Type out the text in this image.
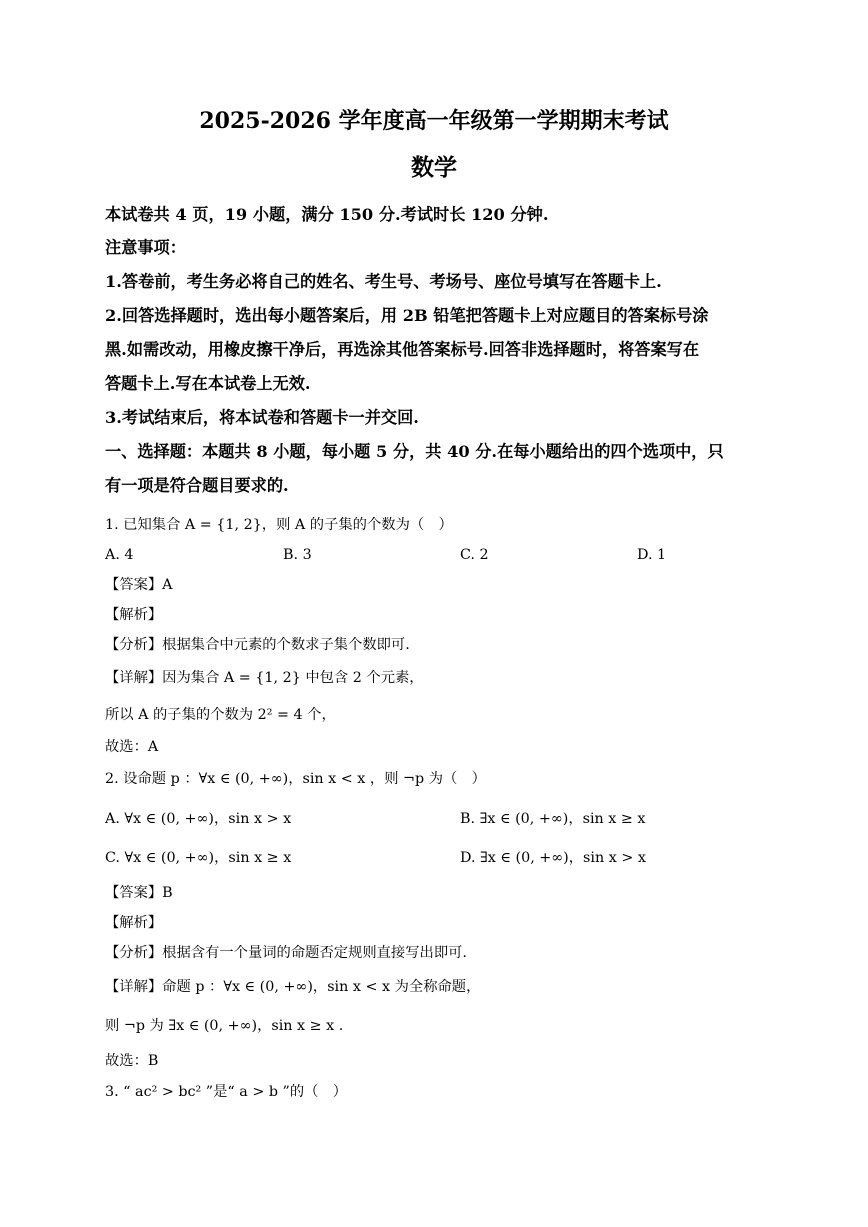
2025-2026 学年度高一年级第一学期期末考试
数学
本试卷共 4 页，19 小题，满分 150 分.考试时长 120 分钟.
注意事项：
1.答卷前，考生务必将自己的姓名、考生号、考场号、座位号填写在答题卡上.
2.回答选择题时，选出每小题答案后，用 2B 铅笔把答题卡上对应题目的答案标号涂
黑.如需改动，用橡皮擦干净后，再选涂其他答案标号.回答非选择题时，将答案写在
答题卡上.写在本试卷上无效.
3.考试结束后，将本试卷和答题卡一并交回.
一、选择题：本题共 8 小题，每小题 5 分，共 40 分.在每小题给出的四个选项中，只
有一项是符合题目要求的.
1. 已知集合 A = {1, 2}，则 A 的子集的个数为（　）
A. 4	B. 3	C. 2	D. 1
【答案】A
【解析】
【分析】根据集合中元素的个数求子集个数即可.
【详解】因为集合 A = {1, 2} 中包含 2 个元素，
所以 A 的子集的个数为 2² = 4 个，
故选：A
2. 设命题 p ：∀x ∈ (0, +∞)，sin x < x ，则 ¬p 为（　）
A. ∀x ∈ (0, +∞)，sin x > x	B. ∃x ∈ (0, +∞)，sin x ≥ x
C. ∀x ∈ (0, +∞)，sin x ≥ x	D. ∃x ∈ (0, +∞)，sin x > x
【答案】B
【解析】
【分析】根据含有一个量词的命题否定规则直接写出即可.
【详解】命题 p ：∀x ∈ (0, +∞)，sin x < x 为全称命题，
则 ¬p 为 ∃x ∈ (0, +∞)，sin x ≥ x .
故选：B
3. “ ac² > bc² ”是“ a > b ”的（　）
